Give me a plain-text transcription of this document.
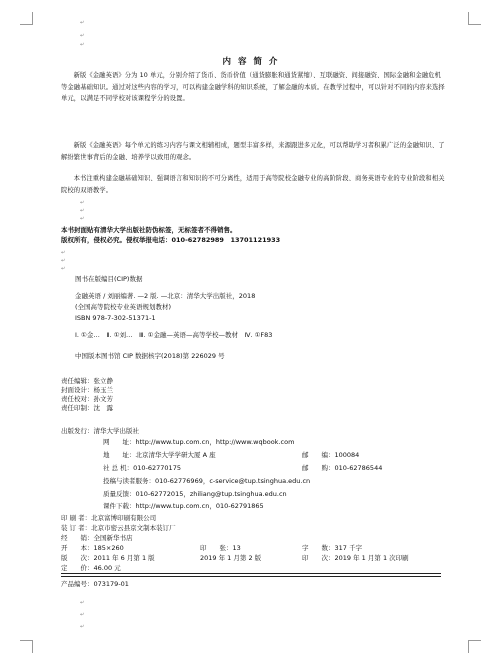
↵
↵
↵
内 容 简 介
新版《金融英语》分为 10 单元，分别介绍了货币、货币价值（通货膨胀和通货紧缩）、互联融资、间接融资、国际金融和金融危机等金融基础知识。通过对这些内容的学习，可以构建金融学科的知识系统，了解金融的本质。在教学过程中，可以针对不同的内容来选择单元，以满足不同学校对该课程学分的设置。
新版《金融英语》每个单元的练习内容与课文相辅相成，题型丰富多样，来源跟进多元化，可以帮助学习者积累广泛的金融知识、了解纷繁世事背后的金融、培养学以致用的观念。
本书注重构建金融基础知识、强调语言和知识的不可分离性，适用于高等院校金融专业的高阶阶段、商务英语专业的专业阶段和相关院校的双语教学。
↵
↵
↵
本书封面贴有清华大学出版社防伪标签，无标签者不得销售。
版权所有，侵权必究。侵权举报电话：010-62782989　13701121933
↵
↵
↵
图书在版编目(CIP)数据
金融英语 / 刘丽编著. —2 版. —北京：清华大学出版社，2018
(全国高等院校专业英语规划教材)
ISBN 978-7-302-51371-1
Ⅰ. ①金…　Ⅱ. ①刘…　Ⅲ. ①金融—英语—高等学校—教材　Ⅳ. ①F83
中国版本图书馆 CIP 数据核字(2018)第 226029 号
责任编辑：张立静
封面设计：杨玉兰
责任校对：孙文芳
责任印制：沈　露
出版发行：清华大学出版社
网　　址：http://www.tup.com.cn，http://www.wqbook.com
地　　址：北京清华大学学研大厦 A 座	邮　　编：100084
社 总 机：010-62770175	邮　　购：010-62786544
投稿与读者服务：010-62776969，c-service@tup.tsinghua.edu.cn
质量反馈：010-62772015，zhiliang@tup.tsinghua.edu.cn
课件下载：http://www.tup.com.cn，010-62791865
印 刷 者：北京富博印刷有限公司
装 订 者：北京市密云县京文制本装订厂
经　　销：全国新华书店
开　　本：185×260	印　　张：13	字　　数：317 千字
版　　次：2011 年 6 月第 1 版	2019 年 1 月第 2 版	印　　次：2019 年 1 月第 1 次印刷
定　　价：46.00 元
产品编号：073179-01
↵
↵
↵
